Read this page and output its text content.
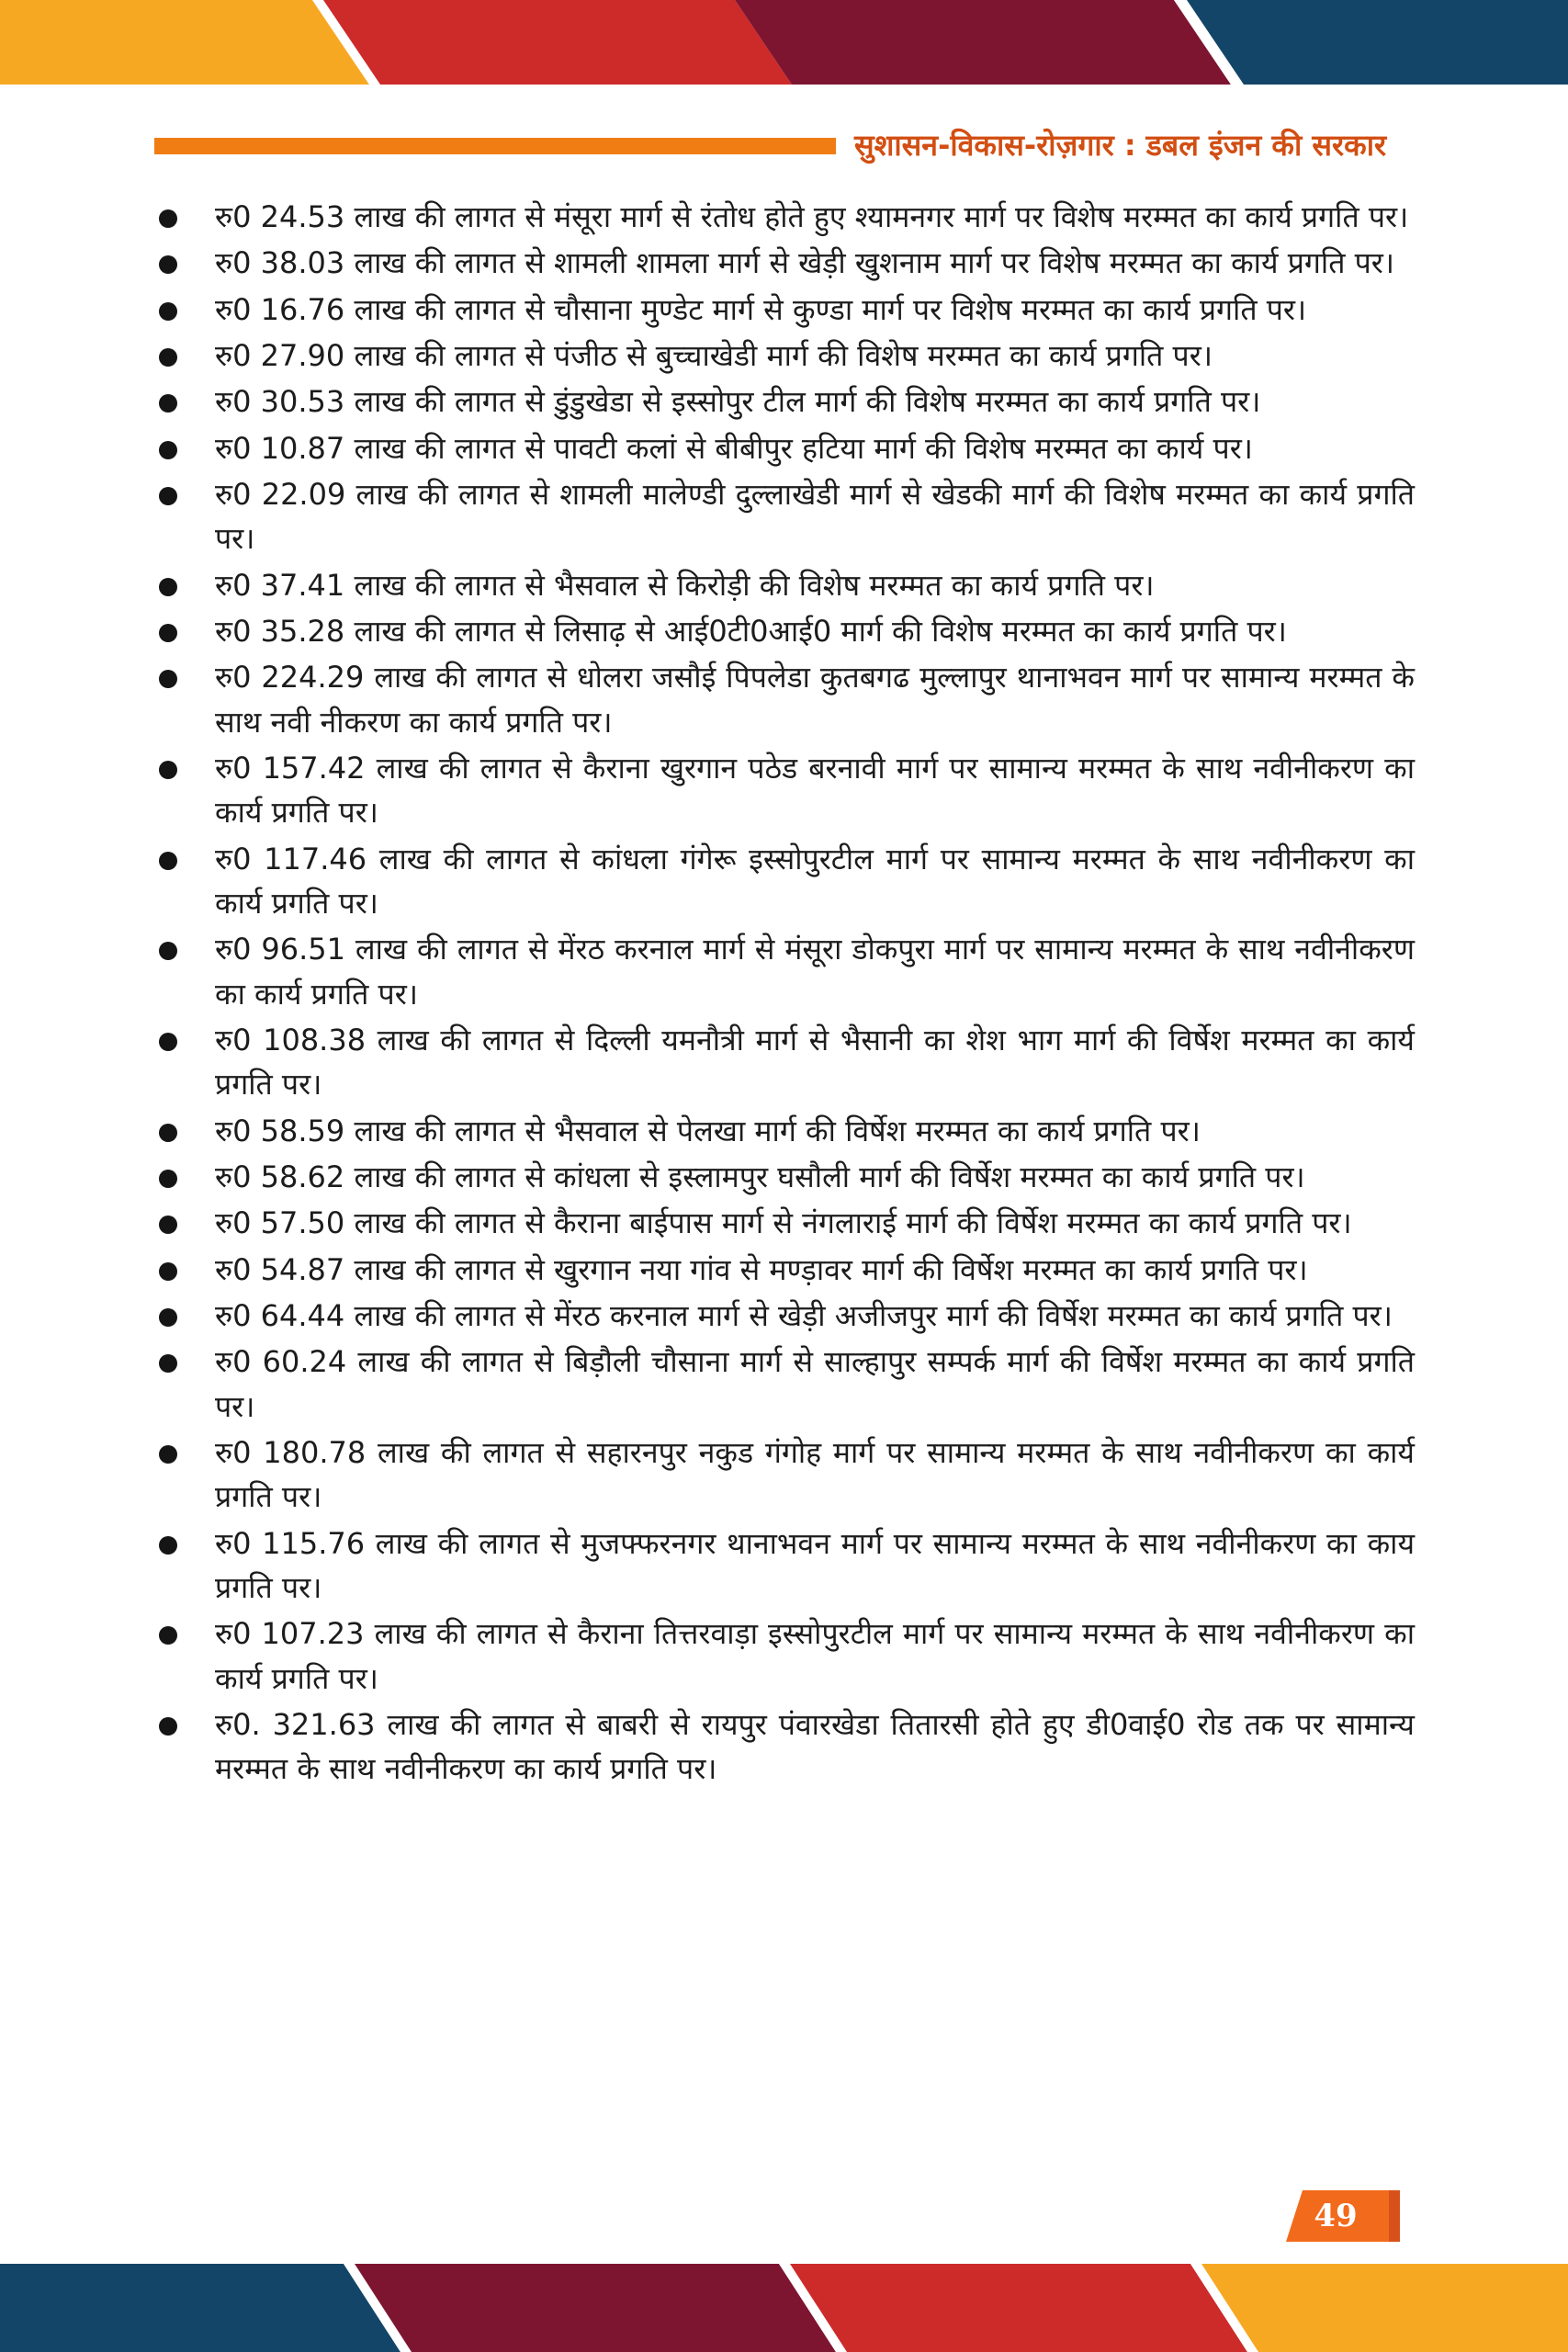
सुशासन-विकास-रोज़गार : डबल इंजन की सरकार
रु0 24.53 लाख की लागत से मंसूरा मार्ग से रंतोध होते हुए श्यामनगर मार्ग पर विशेष मरम्मत का कार्य प्रगति पर।
रु0 38.03 लाख की लागत से शामली शामला मार्ग से खेड़ी खुशनाम मार्ग पर विशेष मरम्मत का कार्य प्रगति पर।
रु0 16.76 लाख की लागत से चौसाना मुण्डेट मार्ग से कुण्डा मार्ग पर विशेष मरम्मत का कार्य प्रगति पर।
रु0 27.90 लाख की लागत से पंजीठ से बुच्चाखेडी मार्ग की विशेष मरम्मत का कार्य प्रगति पर।
रु0 30.53 लाख की लागत से डुंडुखेडा से इस्सोपुर टील मार्ग की विशेष मरम्मत का कार्य प्रगति पर।
रु0 10.87 लाख की लागत से पावटी कलां से बीबीपुर हटिया मार्ग की विशेष मरम्मत का कार्य पर।
रु0 22.09 लाख की लागत से शामली मालेण्डी दुल्लाखेडी मार्ग से खेडकी मार्ग की विशेष मरम्मत का कार्य प्रगति पर।
रु0 37.41 लाख की लागत से भैसवाल से किरोड़ी की विशेष मरम्मत का कार्य प्रगति पर।
रु0 35.28 लाख की लागत से लिसाढ़ से आई0टी0आई0 मार्ग की विशेष मरम्मत का कार्य प्रगति पर।
रु0 224.29 लाख की लागत से धोलरा जसौई पिपलेडा कुतबगढ मुल्लापुर थानाभवन मार्ग पर सामान्य मरम्मत के साथ नवी नीकरण का कार्य प्रगति पर।
रु0 157.42 लाख की लागत से कैराना खुरगान पठेड बरनावी मार्ग पर सामान्य मरम्मत के साथ नवीनीकरण का कार्य प्रगति पर।
रु0 117.46 लाख की लागत से कांधला गंगेरू इस्सोपुरटील मार्ग पर सामान्य मरम्मत के साथ नवीनीकरण का कार्य प्रगति पर।
रु0 96.51 लाख की लागत से मेंरठ करनाल मार्ग से मंसूरा डोकपुरा मार्ग पर सामान्य मरम्मत के साथ नवीनीकरण का कार्य प्रगति पर।
रु0 108.38 लाख की लागत से दिल्ली यमनौत्री मार्ग से भैसानी का शेश भाग मार्ग की विर्षेश मरम्मत का कार्य प्रगति पर।
रु0 58.59 लाख की लागत से भैसवाल से पेलखा मार्ग की विर्षेश मरम्मत का कार्य प्रगति पर।
रु0 58.62 लाख की लागत से कांधला से इस्लामपुर घसौली मार्ग की विर्षेश मरम्मत का कार्य प्रगति पर।
रु0 57.50 लाख की लागत से कैराना बाईपास मार्ग से नंगलाराई मार्ग की विर्षेश मरम्मत का कार्य प्रगति पर।
रु0 54.87 लाख की लागत से खुरगान नया गांव से मण्ड़ावर मार्ग की विर्षेश मरम्मत का कार्य प्रगति पर।
रु0 64.44 लाख की लागत से मेंरठ करनाल मार्ग से खेड़ी अजीजपुर मार्ग की विर्षेश मरम्मत का कार्य प्रगति पर।
रु0 60.24 लाख की लागत से बिड़ौली चौसाना मार्ग से साल्हापुर सम्पर्क मार्ग की विर्षेश मरम्मत का कार्य प्रगति पर।
रु0 180.78 लाख की लागत से सहारनपुर नकुड गंगोह मार्ग पर सामान्य मरम्मत के साथ नवीनीकरण का कार्य प्रगति पर।
रु0 115.76 लाख की लागत से मुजफ्फरनगर थानाभवन मार्ग पर सामान्य मरम्मत के साथ नवीनीकरण का काय प्रगति पर।
रु0 107.23 लाख की लागत से कैराना तित्तरवाड़ा इस्सोपुरटील मार्ग पर सामान्य मरम्मत के साथ नवीनीकरण का कार्य प्रगति पर।
रु0. 321.63 लाख की लागत से बाबरी से रायपुर पंवारखेडा तितारसी होते हुए डी0वाई0 रोड तक पर सामान्य मरम्मत के साथ नवीनीकरण का कार्य प्रगति पर।
49
